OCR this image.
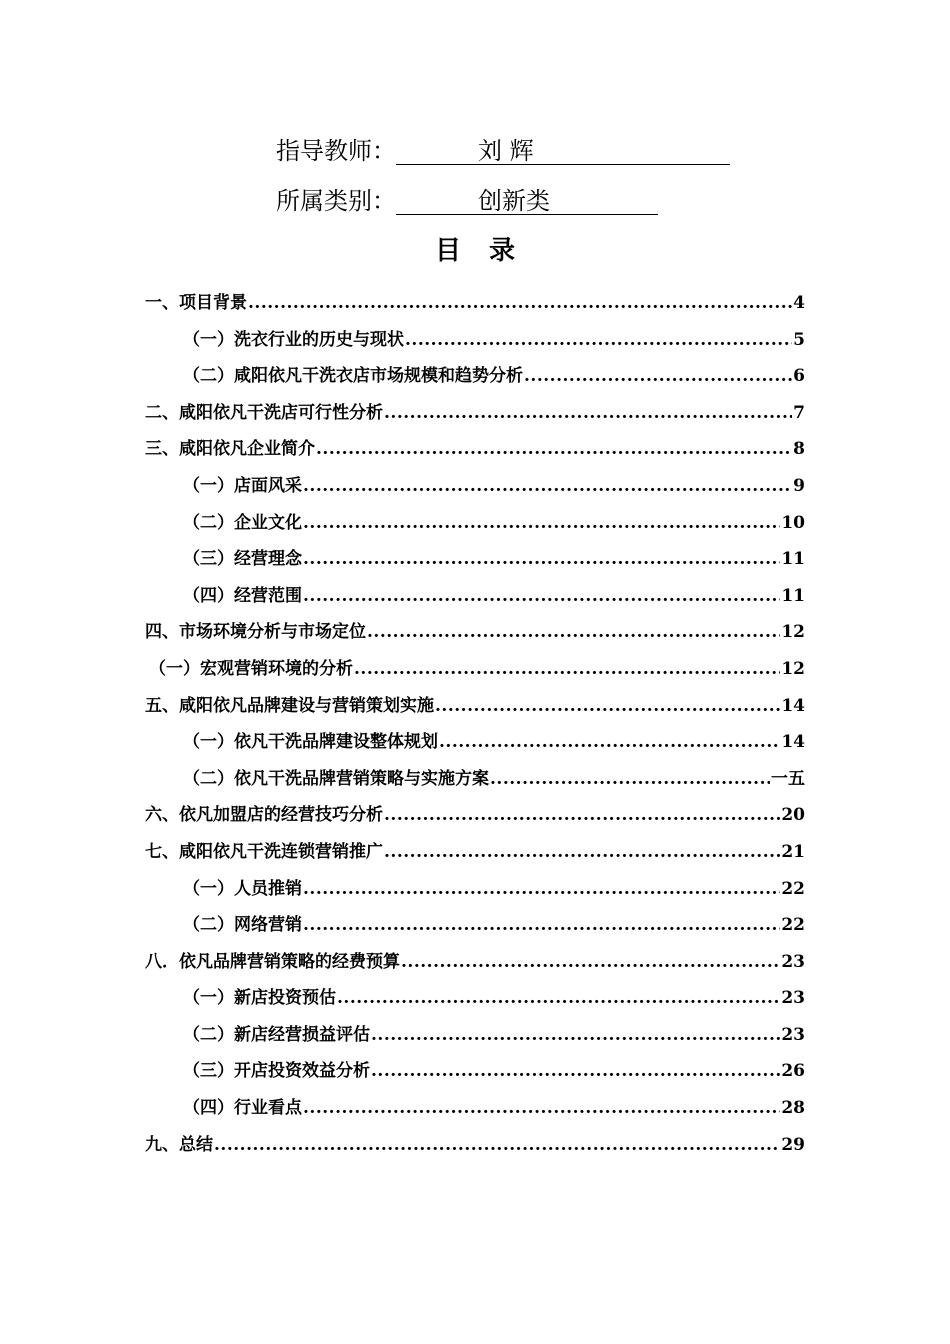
指导教师：	刘 辉
所属类别：	创新类
目录
一、项目背景 .....	4
（一）洗衣行业的历史与现状 .....	5
（二）咸阳依凡干洗衣店市场规模和趋势分析 .....	6
二、咸阳依凡干洗店可行性分析 .....	7
三、咸阳依凡企业简介 .....	8
（一）店面风采 .....	9
（二）企业文化 .....	10
（三）经营理念 .....	11
（四）经营范围 .....	11
四、市场环境分析与市场定位 .....	12
（一）宏观营销环境的分析 .....	12
五、咸阳依凡品牌建设与营销策划实施 .....	14
（一）依凡干洗品牌建设整体规划 .....	14
（二）依凡干洗品牌营销策略与实施方案 .....	一五
六、依凡加盟店的经营技巧分析 .....	20
七、咸阳依凡干洗连锁营销推广 .....	21
（一）人员推销 .....	22
（二）网络营销 .....	22
八．依凡品牌营销策略的经费预算 .....	23
（一）新店投资预估 .....	23
（二）新店经营损益评估 .....	23
（三）开店投资效益分析 .....	26
（四）行业看点 .....	28
九、总结 .....	29
